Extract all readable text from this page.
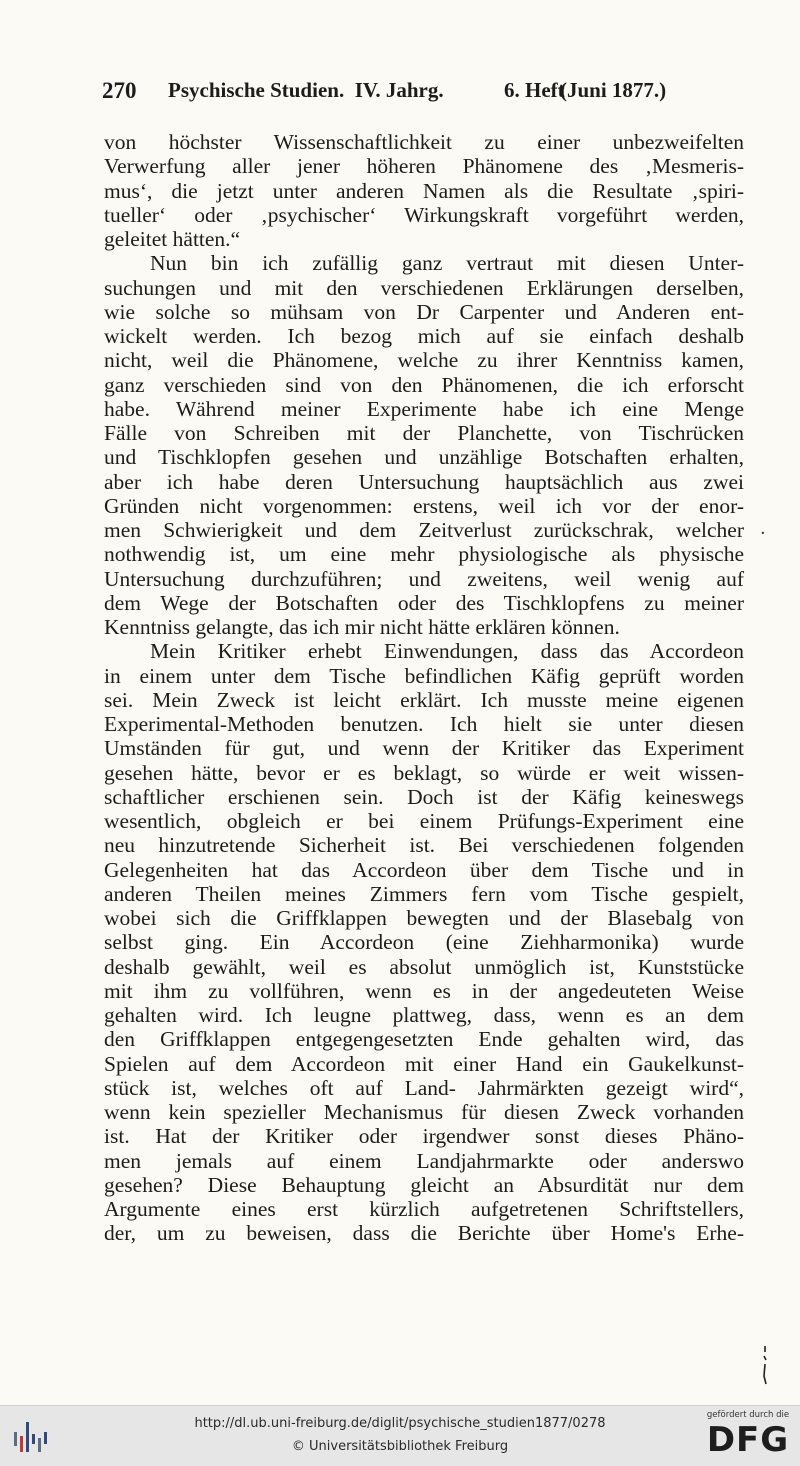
270 Psychische Studien. IV. Jahrg.	6. Heft
(Juni 1877.)
von höchster Wissenschaftlichkeit zu einer unbezweifelten
Verwerfung aller jener höheren Phänomene des ‚Mesmeris-
mus‘, die jetzt unter anderen Namen als die Resultate ‚spiri-
tueller‘ oder ‚psychischer‘ Wirkungskraft vorgeführt werden,
geleitet hätten.“
Nun bin ich zufällig ganz vertraut mit diesen Unter-
suchungen und mit den verschiedenen Erklärungen derselben,
wie solche so mühsam von Dr Carpenter und Anderen ent-
wickelt werden. Ich bezog mich auf sie einfach deshalb
nicht, weil die Phänomene, welche zu ihrer Kenntniss kamen,
ganz verschieden sind von den Phänomenen, die ich erforscht
habe. Während meiner Experimente habe ich eine Menge
Fälle von Schreiben mit der Planchette, von Tischrücken
und Tischklopfen gesehen und unzählige Botschaften erhalten,
aber ich habe deren Untersuchung hauptsächlich aus zwei
Gründen nicht vorgenommen: erstens, weil ich vor der enor-
men Schwierigkeit und dem Zeitverlust zurückschrak, welcher
nothwendig ist, um eine mehr physiologische als physische
Untersuchung durchzuführen; und zweitens, weil wenig auf
dem Wege der Botschaften oder des Tischklopfens zu meiner
Kenntniss gelangte, das ich mir nicht hätte erklären können.
Mein Kritiker erhebt Einwendungen, dass das Accordeon
in einem unter dem Tische befindlichen Käfig geprüft worden
sei. Mein Zweck ist leicht erklärt. Ich musste meine eigenen
Experimental-Methoden benutzen. Ich hielt sie unter diesen
Umständen für gut, und wenn der Kritiker das Experiment
gesehen hätte, bevor er es beklagt, so würde er weit wissen-
schaftlicher erschienen sein. Doch ist der Käfig keineswegs
wesentlich, obgleich er bei einem Prüfungs-Experiment eine
neu hinzutretende Sicherheit ist. Bei verschiedenen folgenden
Gelegenheiten hat das Accordeon über dem Tische und in
anderen Theilen meines Zimmers fern vom Tische gespielt,
wobei sich die Griffklappen bewegten und der Blasebalg von
selbst ging. Ein Accordeon (eine Ziehharmonika) wurde
deshalb gewählt, weil es absolut unmöglich ist, Kunststücke
mit ihm zu vollführen, wenn es in der angedeuteten Weise
gehalten wird. Ich leugne plattweg, dass, wenn es an dem
den Griffklappen entgegengesetzten Ende gehalten wird, das
Spielen auf dem Accordeon mit einer Hand ein Gaukelkunst-
stück ist, welches oft auf Land- Jahrmärkten gezeigt wird“,
wenn kein spezieller Mechanismus für diesen Zweck vorhanden
ist. Hat der Kritiker oder irgendwer sonst dieses Phäno-
men jemals auf einem Landjahrmarkte oder anderswo
gesehen? Diese Behauptung gleicht an Absurdität nur dem
Argumente eines erst kürzlich aufgetretenen Schriftstellers,
der, um zu beweisen, dass die Berichte über Home's Erhe-
·
http://dl.ub.uni-freiburg.de/diglit/psychische_studien1877/0278
© Universitätsbibliothek Freiburg
gefördert durch die
DFG
